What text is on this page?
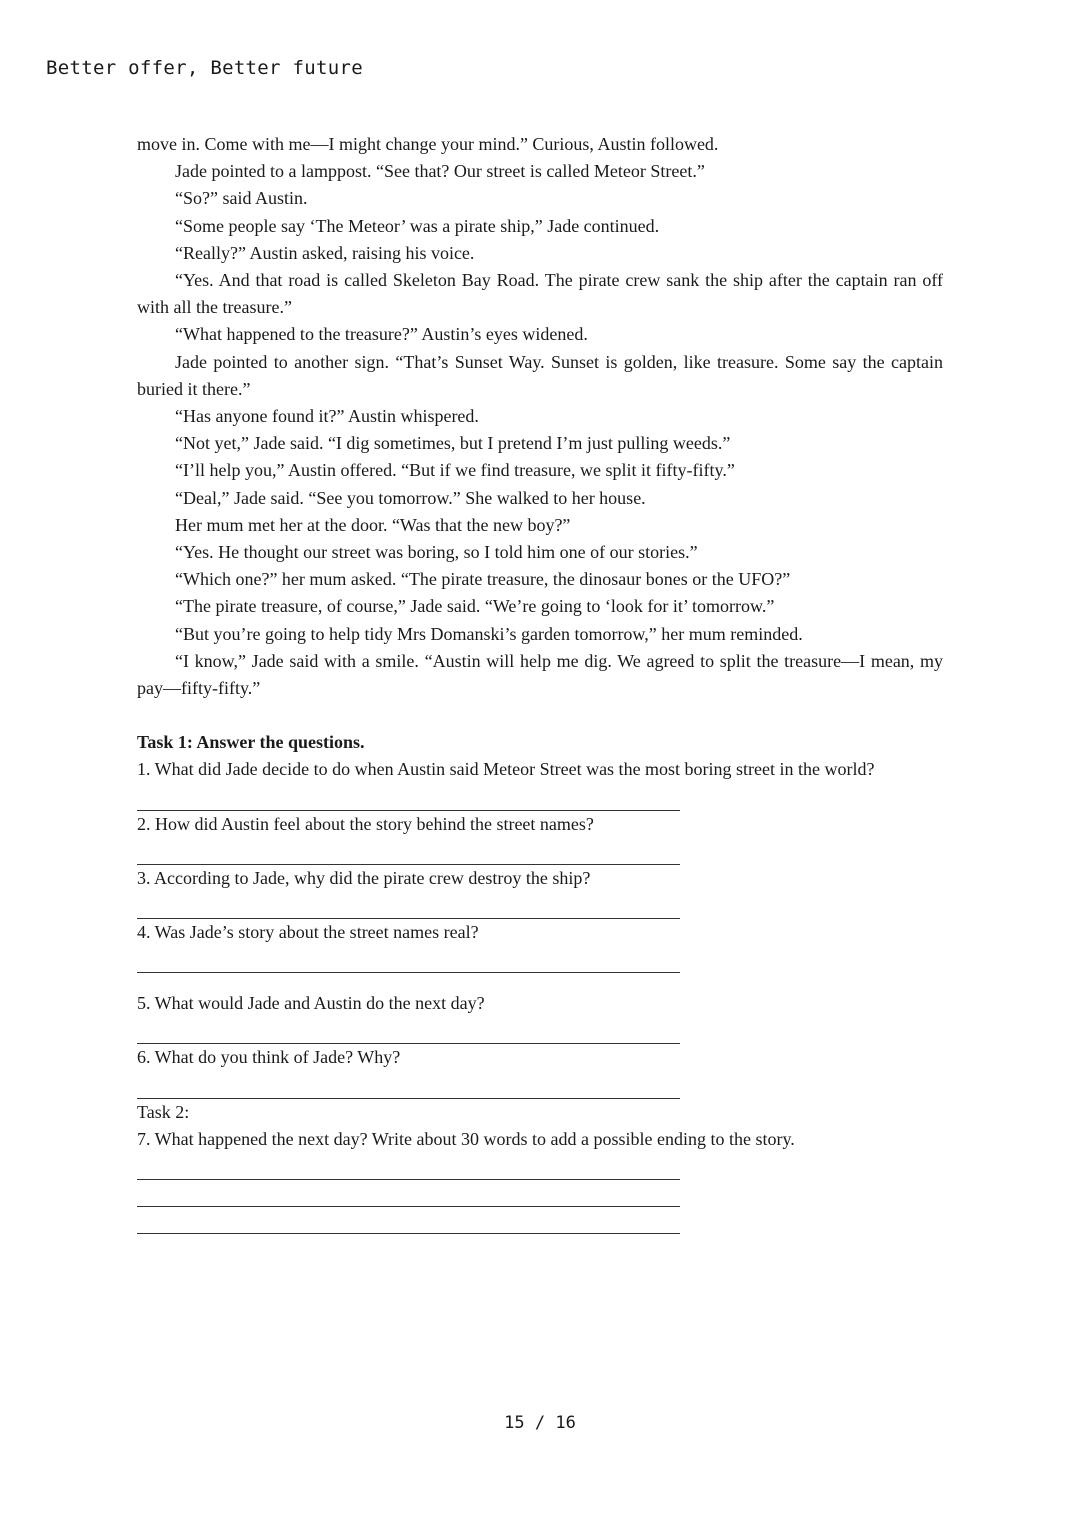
Better offer, Better future

move in. Come with me—I might change your mind.” Curious, Austin followed.

Jade pointed to a lamppost. “See that? Our street is called Meteor Street.”

“So?” said Austin.

“Some people say ‘The Meteor’ was a pirate ship,” Jade continued.

“Really?” Austin asked, raising his voice.

“Yes. And that road is called Skeleton Bay Road. The pirate crew sank the ship after the captain ran off with all the treasure.”

“What happened to the treasure?” Austin’s eyes widened.

Jade pointed to another sign. “That’s Sunset Way. Sunset is golden, like treasure. Some say the captain buried it there.”

“Has anyone found it?” Austin whispered.

“Not yet,” Jade said. “I dig sometimes, but I pretend I’m just pulling weeds.”

“I’ll help you,” Austin offered. “But if we find treasure, we split it fifty-fifty.”

“Deal,” Jade said. “See you tomorrow.” She walked to her house.

Her mum met her at the door. “Was that the new boy?”

“Yes. He thought our street was boring, so I told him one of our stories.”

“Which one?” her mum asked. “The pirate treasure, the dinosaur bones or the UFO?”

“The pirate treasure, of course,” Jade said. “We’re going to ‘look for it’ tomorrow.”

“But you’re going to help tidy Mrs Domanski’s garden tomorrow,” her mum reminded.

“I know,” Jade said with a smile. “Austin will help me dig. We agreed to split the treasure—I mean, my pay—fifty-fifty.”

Task 1: Answer the questions.

1. What did Jade decide to do when Austin said Meteor Street was the most boring street in the world?

2. How did Austin feel about the story behind the street names?

3. According to Jade, why did the pirate crew destroy the ship?

4. Was Jade’s story about the street names real?

5. What would Jade and Austin do the next day?

6. What do you think of Jade? Why?

Task 2:

7. What happened the next day? Write about 30 words to add a possible ending to the story.

15 / 16
